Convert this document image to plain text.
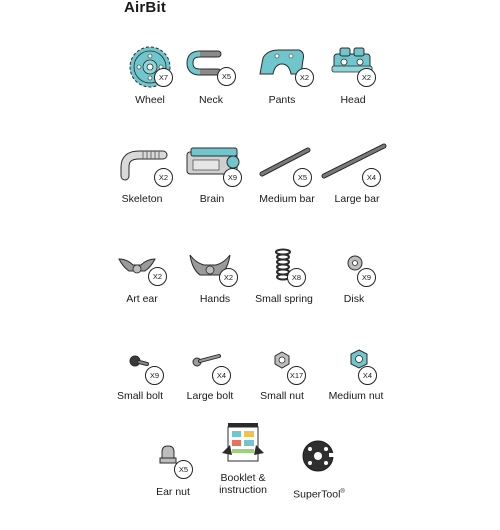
AirBit
X7
Wheel
X5
Neck
X2
Pants
X2
Head
X2
Skeleton
X9
Brain
X5
Medium bar
X4
Large bar
X2
Art ear
X2
Hands
X8
Small spring
X9
Disk
X9
Small bolt
X4
Large bolt
X17
Small nut
X4
Medium nut
X5
Ear nut
Booklet &
instruction	SuperTool®
